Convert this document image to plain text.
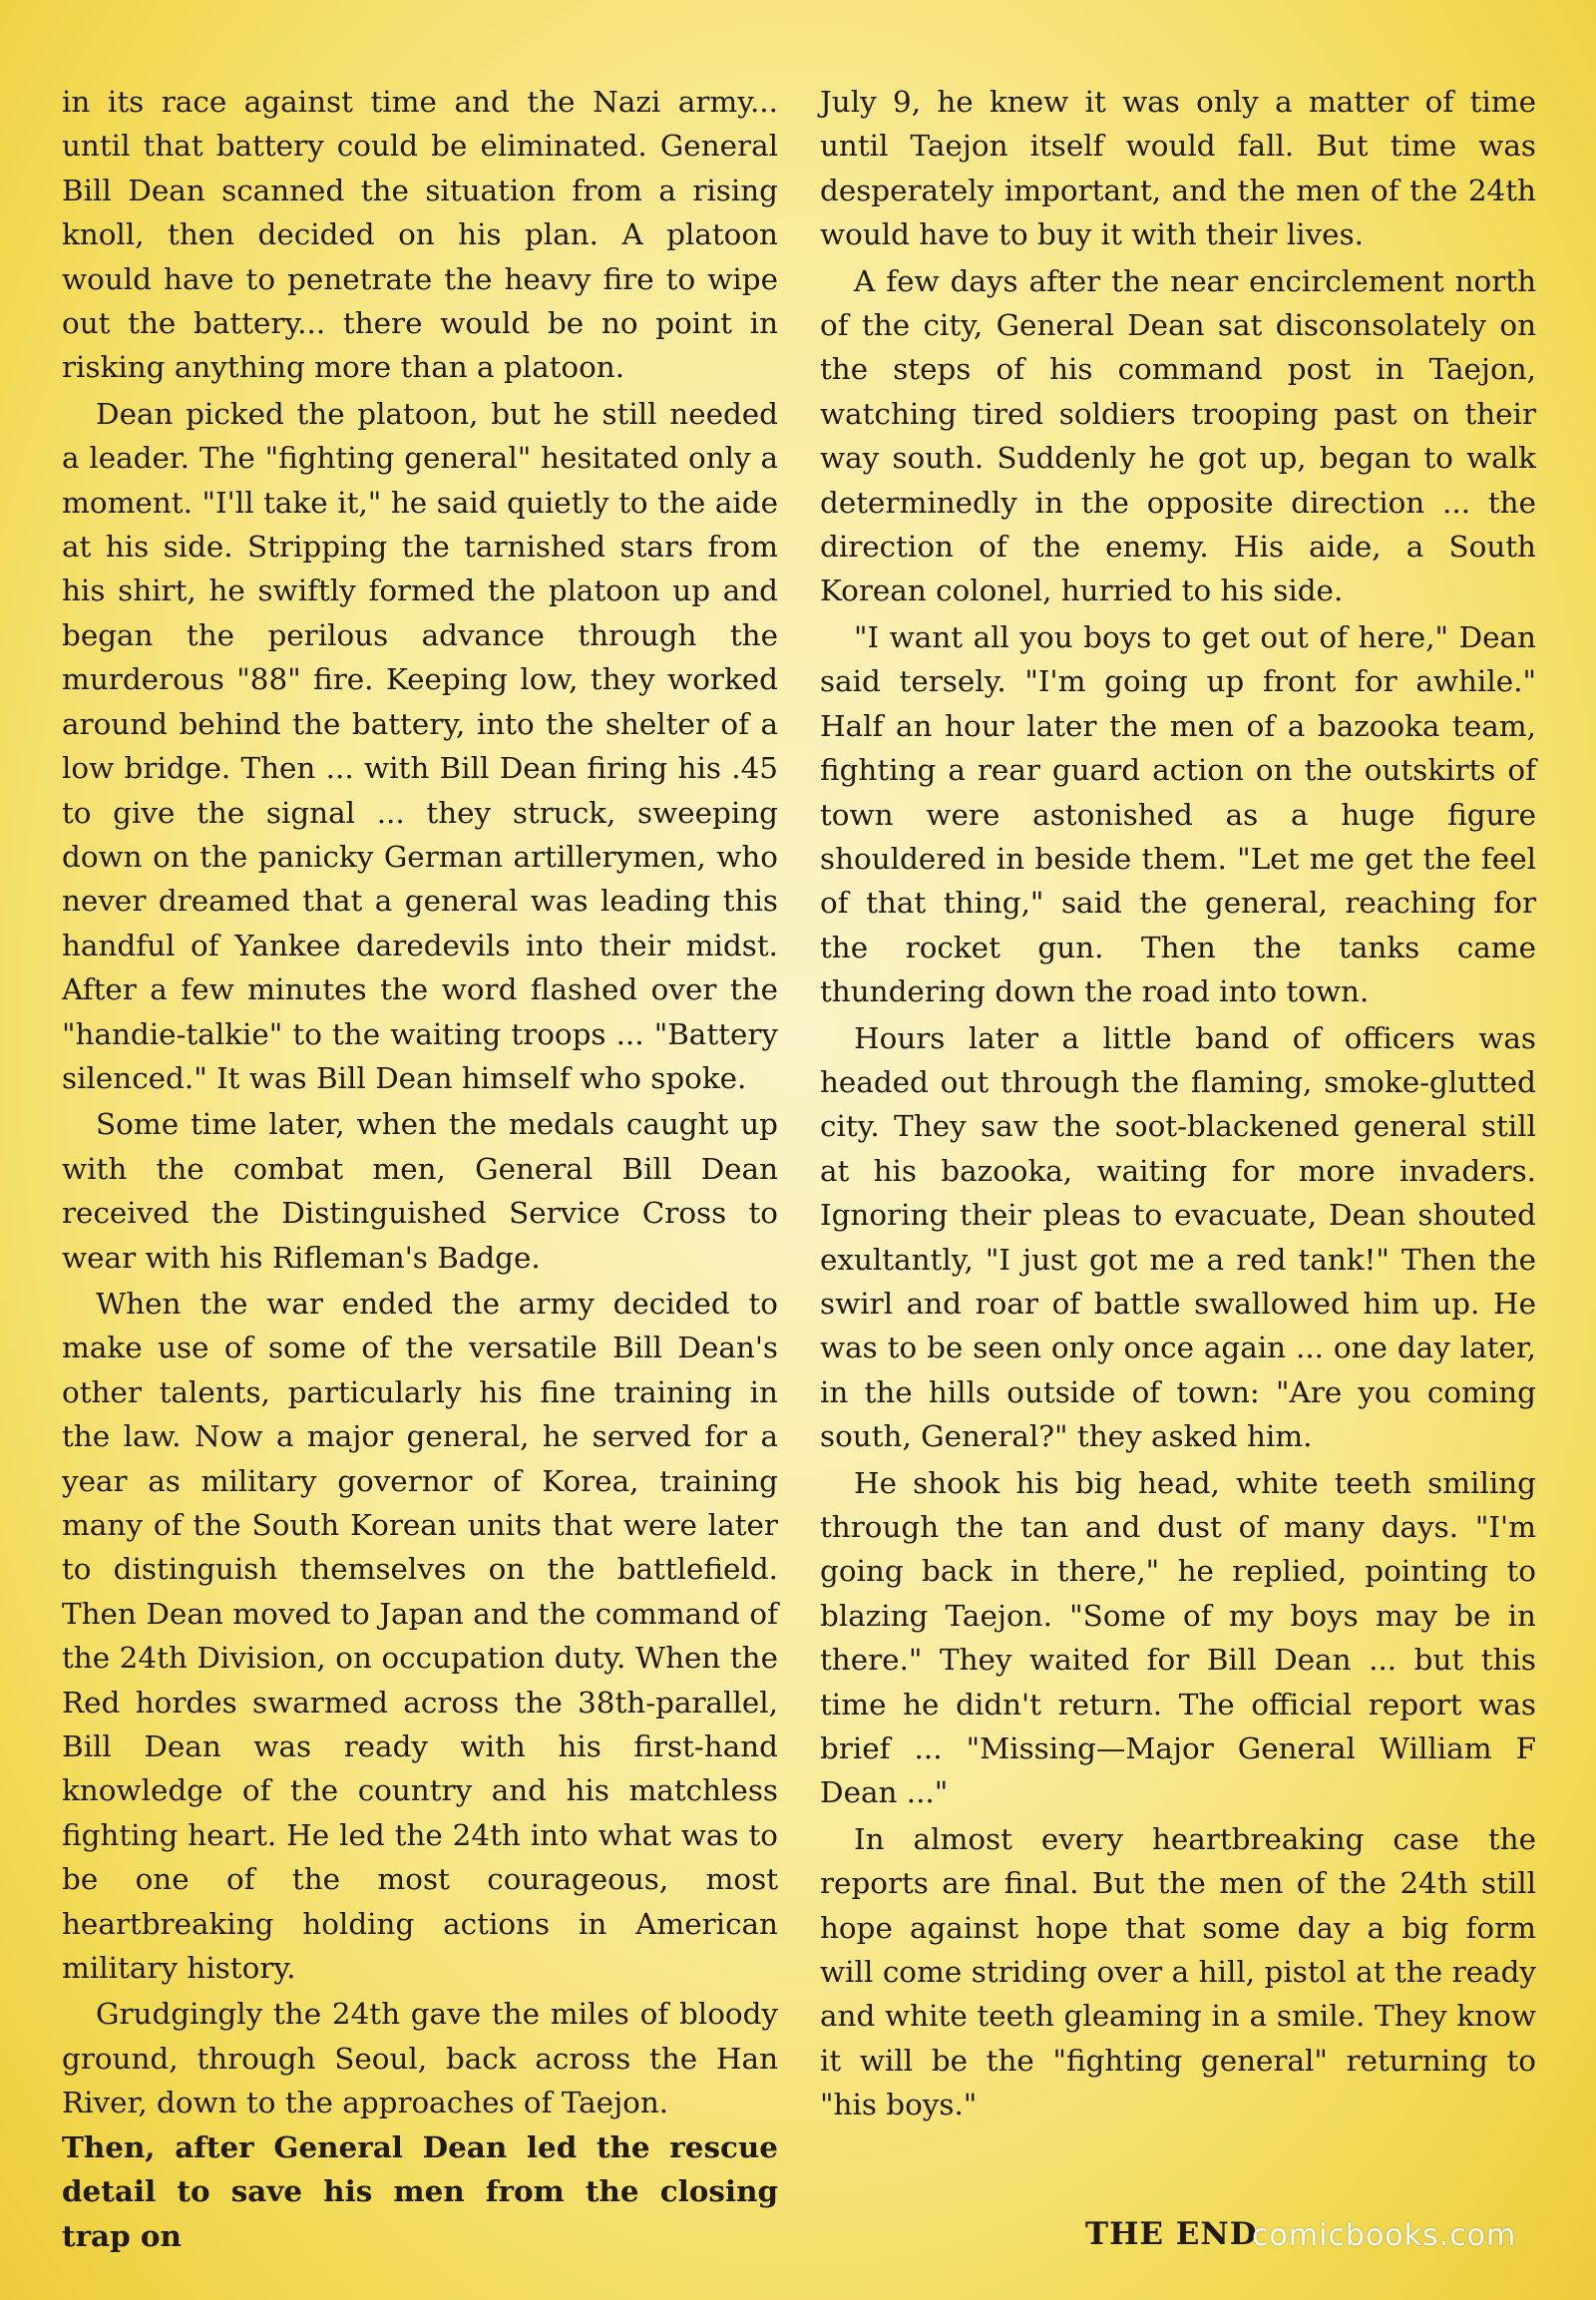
in its race against time and the Nazi army... until that battery could be eliminated. General Bill Dean scanned the situation from a rising knoll, then decided on his plan. A platoon would have to penetrate the heavy fire to wipe out the battery... there would be no point in risking anything more than a platoon.

Dean picked the platoon, but he still needed a leader. The "fighting general" hesitated only a moment. "I'll take it," he said quietly to the aide at his side. Stripping the tarnished stars from his shirt, he swiftly formed the platoon up and began the perilous advance through the murderous "88" fire. Keeping low, they worked around behind the battery, into the shelter of a low bridge. Then ... with Bill Dean firing his .45 to give the signal ... they struck, sweeping down on the panicky German artillerymen, who never dreamed that a general was leading this handful of Yankee daredevils into their midst. After a few minutes the word flashed over the "handie-talkie" to the waiting troops ... "Battery silenced." It was Bill Dean himself who spoke.

Some time later, when the medals caught up with the combat men, General Bill Dean received the Distinguished Service Cross to wear with his Rifleman's Badge.

When the war ended the army decided to make use of some of the versatile Bill Dean's other talents, particularly his fine training in the law. Now a major general, he served for a year as military governor of Korea, training many of the South Korean units that were later to distinguish themselves on the battlefield. Then Dean moved to Japan and the command of the 24th Division, on occupation duty. When the Red hordes swarmed across the 38th-parallel, Bill Dean was ready with his first-hand knowledge of the country and his matchless fighting heart. He led the 24th into what was to be one of the most courageous, most heartbreaking holding actions in American military history.

Grudgingly the 24th gave the miles of bloody ground, through Seoul, back across the Han River, down to the approaches of Taejon.

Then, after General Dean led the rescue detail to save his men from the closing trap on

July 9, he knew it was only a matter of time until Taejon itself would fall. But time was desperately important, and the men of the 24th would have to buy it with their lives.

A few days after the near encirclement north of the city, General Dean sat disconsolately on the steps of his command post in Taejon, watching tired soldiers trooping past on their way south. Suddenly he got up, began to walk determinedly in the opposite direction ... the direction of the enemy. His aide, a South Korean colonel, hurried to his side.

"I want all you boys to get out of here," Dean said tersely. "I'm going up front for awhile." Half an hour later the men of a bazooka team, fighting a rear guard action on the outskirts of town were astonished as a huge figure shouldered in beside them. "Let me get the feel of that thing," said the general, reaching for the rocket gun. Then the tanks came thundering down the road into town.

Hours later a little band of officers was headed out through the flaming, smoke-glutted city. They saw the soot-blackened general still at his bazooka, waiting for more invaders. Ignoring their pleas to evacuate, Dean shouted exultantly, "I just got me a red tank!" Then the swirl and roar of battle swallowed him up. He was to be seen only once again ... one day later, in the hills outside of town: "Are you coming south, General?" they asked him.

He shook his big head, white teeth smiling through the tan and dust of many days. "I'm going back in there," he replied, pointing to blazing Taejon. "Some of my boys may be in there." They waited for Bill Dean ... but this time he didn't return. The official report was brief ... "Missing—Major General William F Dean ..."

In almost every heartbreaking case the reports are final. But the men of the 24th still hope against hope that some day a big form will come striding over a hill, pistol at the ready and white teeth gleaming in a smile. They know it will be the "fighting general" returning to "his boys."

THE END
comicbooks.com
